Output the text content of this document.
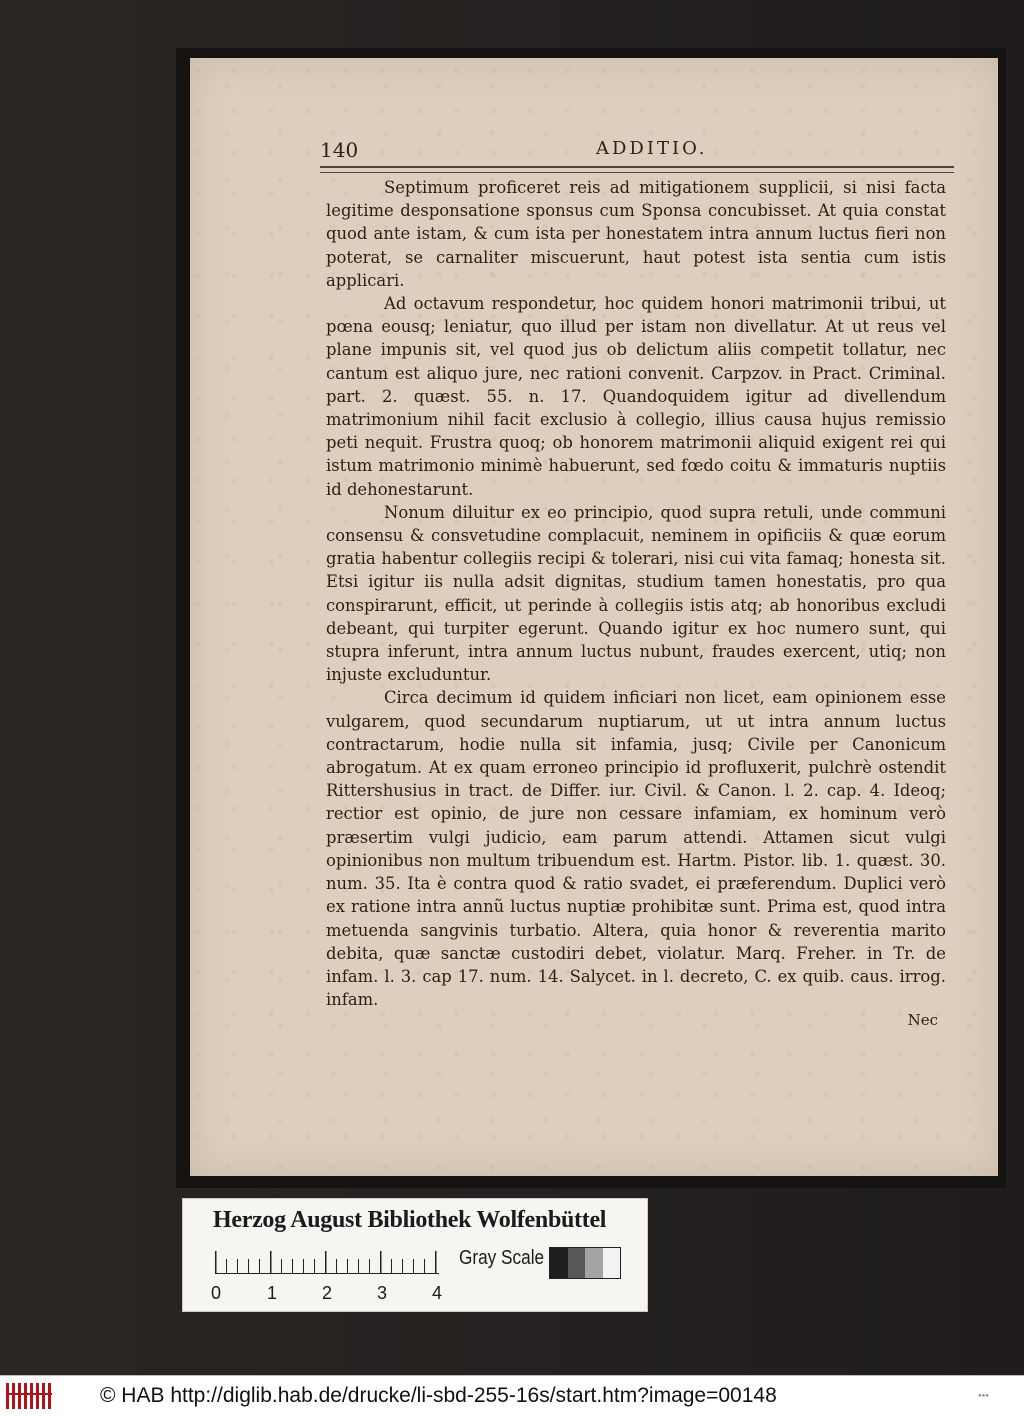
140	ADDITIO.

Septimum proficeret reis ad mitigationem supplicii, si nisi facta legitime desponsatione sponsus cum Sponsa concubisset. At quia constat quod ante istam, & cum ista per honestatem intra annum luctus fieri non poterat, se carnaliter miscuerunt, haut potest ista sentia cum istis applicari.

Ad octavum respondetur, hoc quidem honori matrimonii tribui, ut pœna eousq; leniatur, quo illud per istam non divellatur. At ut reus vel plane impunis sit, vel quod jus ob delictum aliis competit tollatur, nec cantum est aliquo jure, nec rationi convenit. Carpzov. in Pract. Criminal. part. 2. quæst. 55. n. 17. Quandoquidem igitur ad divellendum matrimonium nihil facit exclusio à collegio, illius causa hujus remissio peti nequit. Frustra quoq; ob honorem matrimonii aliquid exigent rei qui istum matrimonio minimè habuerunt, sed fœdo coitu & immaturis nuptiis id dehonestarunt.

Nonum diluitur ex eo principio, quod supra retuli, unde communi consensu & consvetudine complacuit, neminem in opificiis & quæ eorum gratia habentur collegiis recipi & tolerari, nisi cui vita famaq; honesta sit. Etsi igitur iis nulla adsit dignitas, studium tamen honestatis, pro qua conspirarunt, efficit, ut perinde à collegiis istis atq; ab honoribus excludi debeant, qui turpiter egerunt. Quando igitur ex hoc numero sunt, qui stupra inferunt, intra annum luctus nubunt, fraudes exercent, utiq; non injuste excluduntur.

Circa decimum id quidem inficiari non licet, eam opinionem esse vulgarem, quod secundarum nuptiarum, ut ut intra annum luctus contractarum, hodie nulla sit infamia, jusq; Civile per Canonicum abrogatum. At ex quam erroneo principio id profluxerit, pulchrè ostendit Rittershusius in tract. de Differ. iur. Civil. & Canon. l. 2. cap. 4. Ideoq; rectior est opinio, de jure non cessare infamiam, ex hominum verò præsertim vulgi judicio, eam parum attendi. Attamen sicut vulgi opinionibus non multum tribuendum est. Hartm. Pistor. lib. 1. quæst. 30. num. 35. Ita è contra quod & ratio svadet, ei præferendum. Duplici verò ex ratione intra annũ luctus nuptiæ prohibitæ sunt. Prima est, quod intra metuenda sangvinis turbatio. Altera, quia honor & reverentia marito debita, quæ sanctæ custodiri debet, violatur. Marq. Freher. in Tr. de infam. l. 3. cap 17. num. 14. Salycet. in l. decreto, C. ex quib. caus. irrog. infam.

Nec
Herzog August Bibliothek Wolfenbüttel
0	1 2 3 4
Gray Scale
© HAB http://diglib.hab.de/drucke/li-sbd-255-16s/start.htm?image=00148	▪▪▪
